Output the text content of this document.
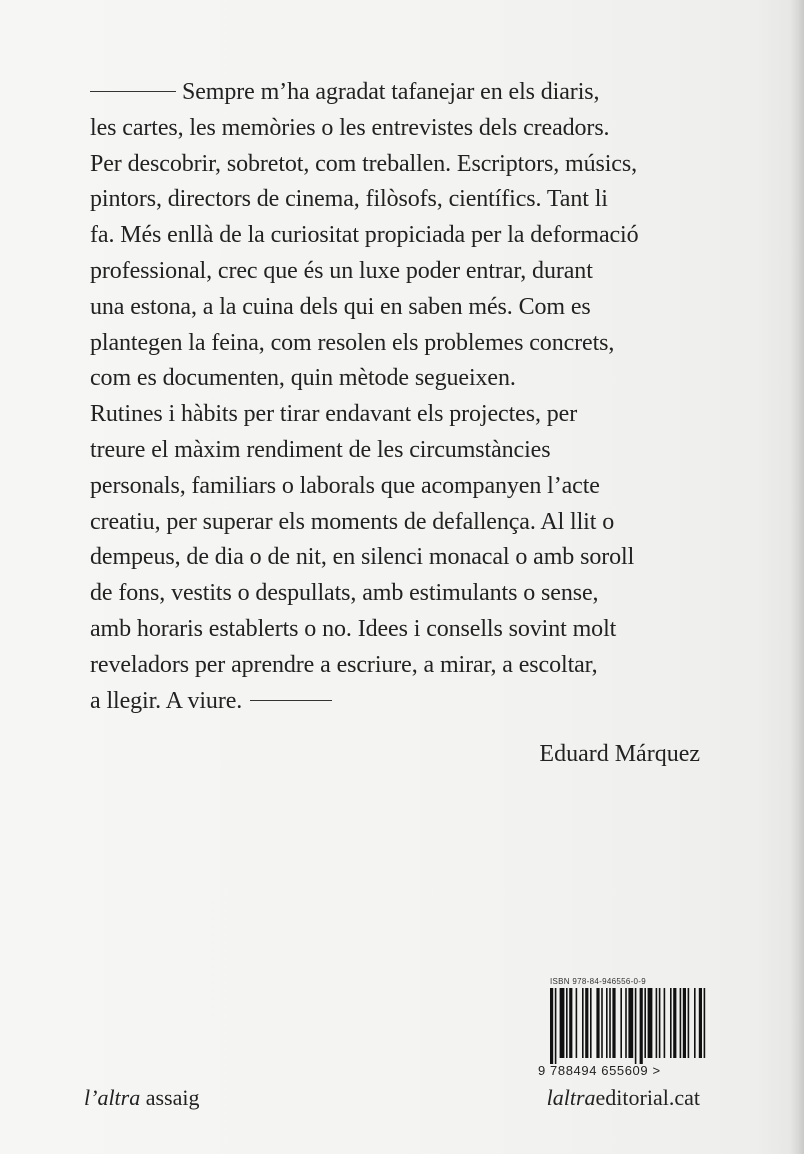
Sempre m’ha agradat tafanejar en els diaris,
les cartes, les memòries o les entrevistes dels creadors.
Per descobrir, sobretot, com treballen. Escriptors, músics,
pintors, directors de cinema, filòsofs, científics. Tant li
fa. Més enllà de la curiositat propiciada per la deformació
professional, crec que és un luxe poder entrar, durant
una estona, a la cuina dels qui en saben més. Com es
plantegen la feina, com resolen els problemes concrets,
com es documenten, quin mètode segueixen.
Rutines i hàbits per tirar endavant els projectes, per
treure el màxim rendiment de les circumstàncies
personals, familiars o laborals que acompanyen l’acte
creatiu, per superar els moments de defallença. Al llit o
dempeus, de dia o de nit, en silenci monacal o amb soroll
de fons, vestits o despullats, amb estimulants o sense,
amb horaris establerts o no. Idees i consells sovint molt
reveladors per aprendre a escriure, a mirar, a escoltar,
a llegir. A viure.
Eduard Márquez
ISBN 978-84-946556-0-9
9 788494 655609 >
l’altra assaig	laltraeditorial.cat
